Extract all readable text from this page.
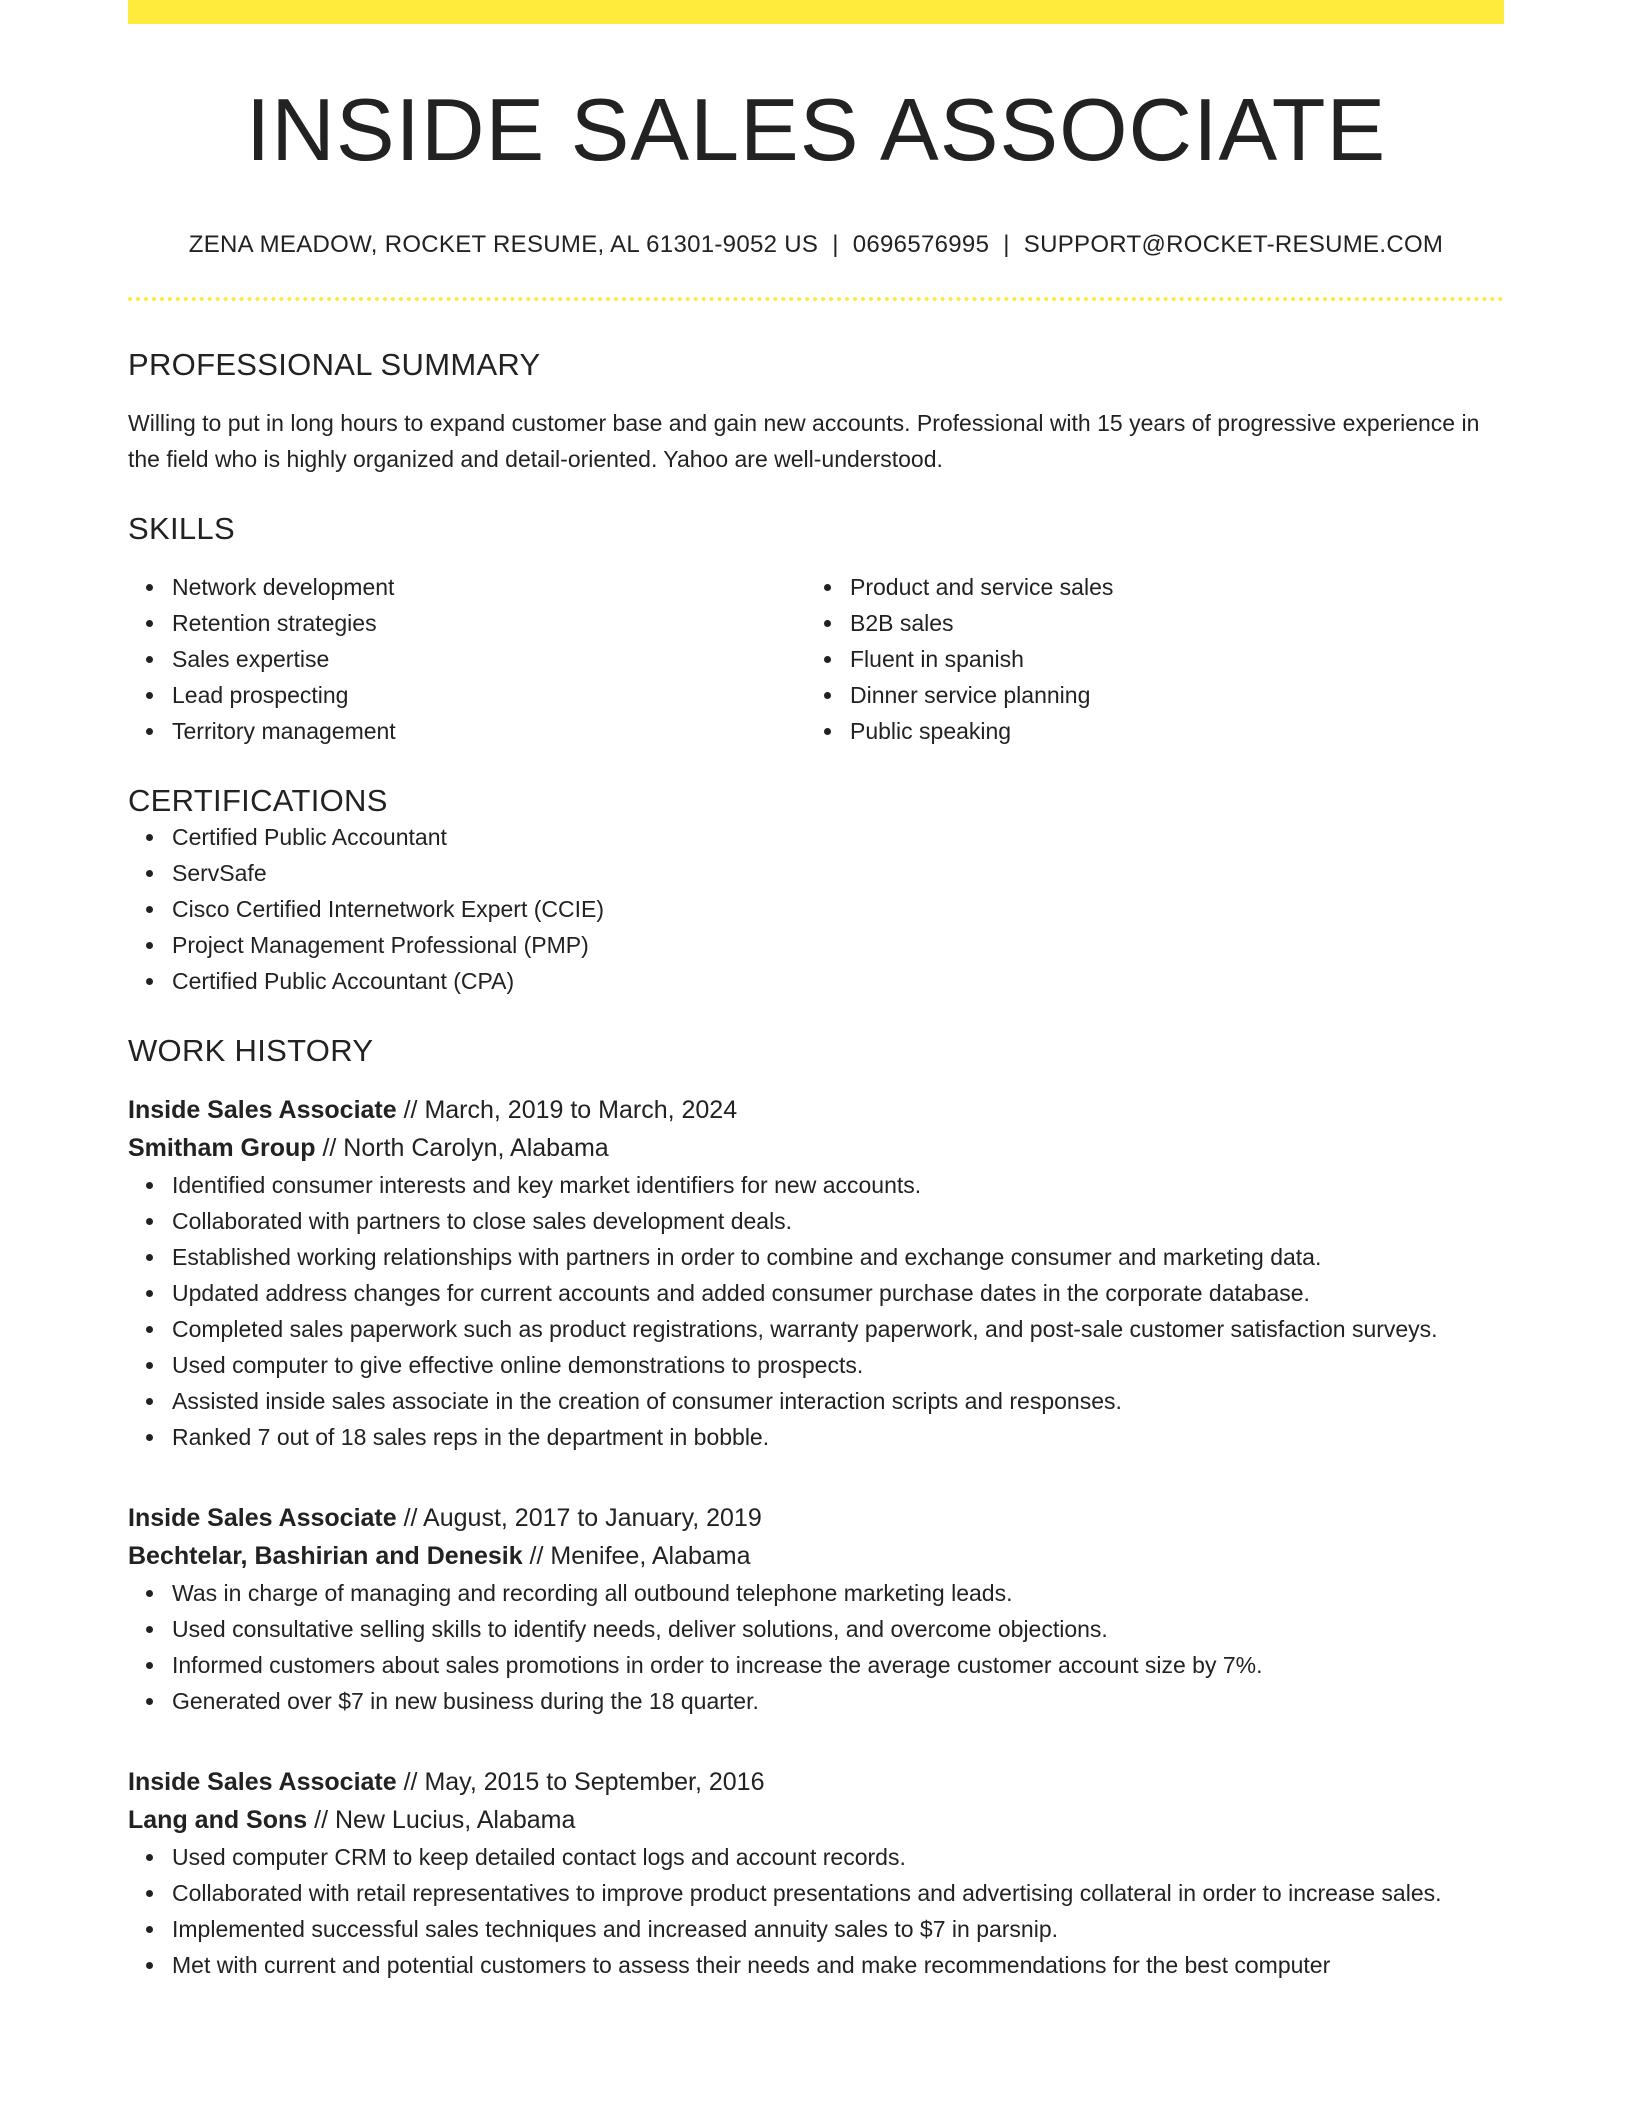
INSIDE SALES ASSOCIATE
ZENA MEADOW, ROCKET RESUME, AL 61301-9052 US | 0696576995 | SUPPORT@ROCKET-RESUME.COM
PROFESSIONAL SUMMARY

Willing to put in long hours to expand customer base and gain new accounts. Professional with 15 years of progressive experience in the field who is highly organized and detail-oriented. Yahoo are well-understood.

SKILLS
Network development
Retention strategies
Sales expertise
Lead prospecting
Territory management
Product and service sales
B2B sales
Fluent in spanish
Dinner service planning
Public speaking
CERTIFICATIONS
Certified Public Accountant
ServSafe
Cisco Certified Internetwork Expert (CCIE)
Project Management Professional (PMP)
Certified Public Accountant (CPA)
WORK HISTORY
Inside Sales Associate // March, 2019 to March, 2024
Smitham Group // North Carolyn, Alabama
Identified consumer interests and key market identifiers for new accounts.
Collaborated with partners to close sales development deals.
Established working relationships with partners in order to combine and exchange consumer and marketing data.
Updated address changes for current accounts and added consumer purchase dates in the corporate database.
Completed sales paperwork such as product registrations, warranty paperwork, and post-sale customer satisfaction surveys.
Used computer to give effective online demonstrations to prospects.
Assisted inside sales associate in the creation of consumer interaction scripts and responses.
Ranked 7 out of 18 sales reps in the department in bobble.
Inside Sales Associate // August, 2017 to January, 2019
Bechtelar, Bashirian and Denesik // Menifee, Alabama
Was in charge of managing and recording all outbound telephone marketing leads.
Used consultative selling skills to identify needs, deliver solutions, and overcome objections.
Informed customers about sales promotions in order to increase the average customer account size by 7%.
Generated over $7 in new business during the 18 quarter.
Inside Sales Associate // May, 2015 to September, 2016
Lang and Sons // New Lucius, Alabama
Used computer CRM to keep detailed contact logs and account records.
Collaborated with retail representatives to improve product presentations and advertising collateral in order to increase sales.
Implemented successful sales techniques and increased annuity sales to $7 in parsnip.
Met with current and potential customers to assess their needs and make recommendations for the best computer
